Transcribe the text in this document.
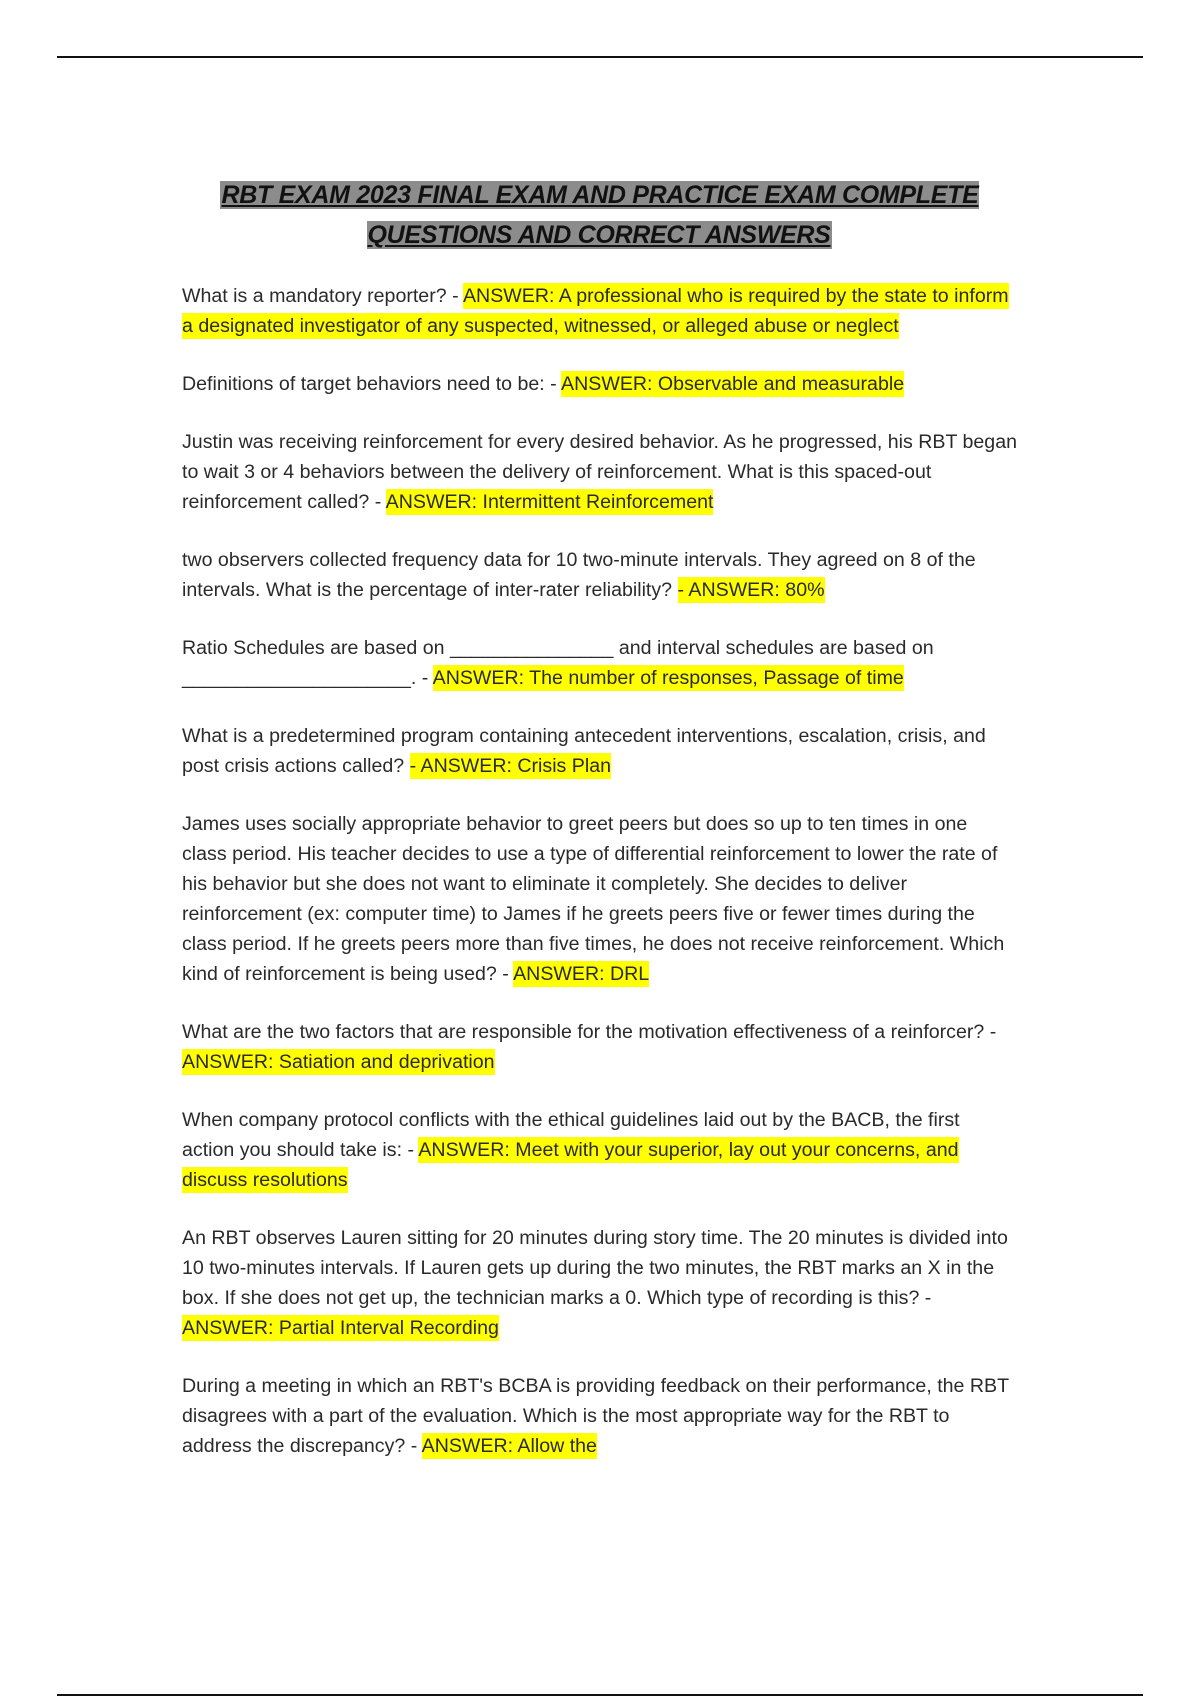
RBT EXAM 2023 FINAL EXAM AND PRACTICE EXAM COMPLETE QUESTIONS AND CORRECT ANSWERS

What is a mandatory reporter? - ANSWER: A professional who is required by the state to inform a designated investigator of any suspected, witnessed, or alleged abuse or neglect

Definitions of target behaviors need to be: - ANSWER: Observable and measurable

Justin was receiving reinforcement for every desired behavior. As he progressed, his RBT began to wait 3 or 4 behaviors between the delivery of reinforcement. What is this spaced-out reinforcement called? - ANSWER: Intermittent Reinforcement

two observers collected frequency data for 10 two-minute intervals. They agreed on 8 of the intervals. What is the percentage of inter-rater reliability? - ANSWER: 80%

Ratio Schedules are based on _______________ and interval schedules are based on _____________________. - ANSWER: The number of responses, Passage of time

What is a predetermined program containing antecedent interventions, escalation, crisis, and post crisis actions called? - ANSWER: Crisis Plan

James uses socially appropriate behavior to greet peers but does so up to ten times in one class period. His teacher decides to use a type of differential reinforcement to lower the rate of his behavior but she does not want to eliminate it completely. She decides to deliver reinforcement (ex: computer time) to James if he greets peers five or fewer times during the class period. If he greets peers more than five times, he does not receive reinforcement. Which kind of reinforcement is being used? - ANSWER: DRL

What are the two factors that are responsible for the motivation effectiveness of a reinforcer? - ANSWER: Satiation and deprivation

When company protocol conflicts with the ethical guidelines laid out by the BACB, the first action you should take is: - ANSWER: Meet with your superior, lay out your concerns, and discuss resolutions

An RBT observes Lauren sitting for 20 minutes during story time. The 20 minutes is divided into 10 two-minutes intervals. If Lauren gets up during the two minutes, the RBT marks an X in the box. If she does not get up, the technician marks a 0. Which type of recording is this? - ANSWER: Partial Interval Recording

During a meeting in which an RBT's BCBA is providing feedback on their performance, the RBT disagrees with a part of the evaluation. Which is the most appropriate way for the RBT to address the discrepancy? - ANSWER: Allow the
